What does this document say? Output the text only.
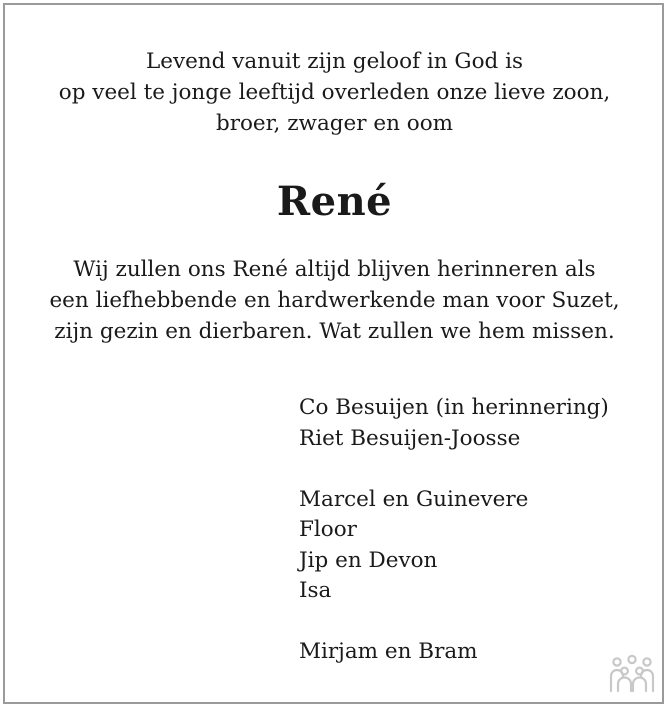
Levend vanuit zijn geloof in God is
op veel te jonge leeftijd overleden onze lieve zoon,
broer, zwager en oom
René
Wij zullen ons René altijd blijven herinneren als
een liefhebbende en hardwerkende man voor Suzet,
zijn gezin en dierbaren. Wat zullen we hem missen.
Co Besuijen (in herinnering)
Riet Besuijen-Joosse
Marcel en Guinevere
Floor
Jip en Devon
Isa
Mirjam en Bram
